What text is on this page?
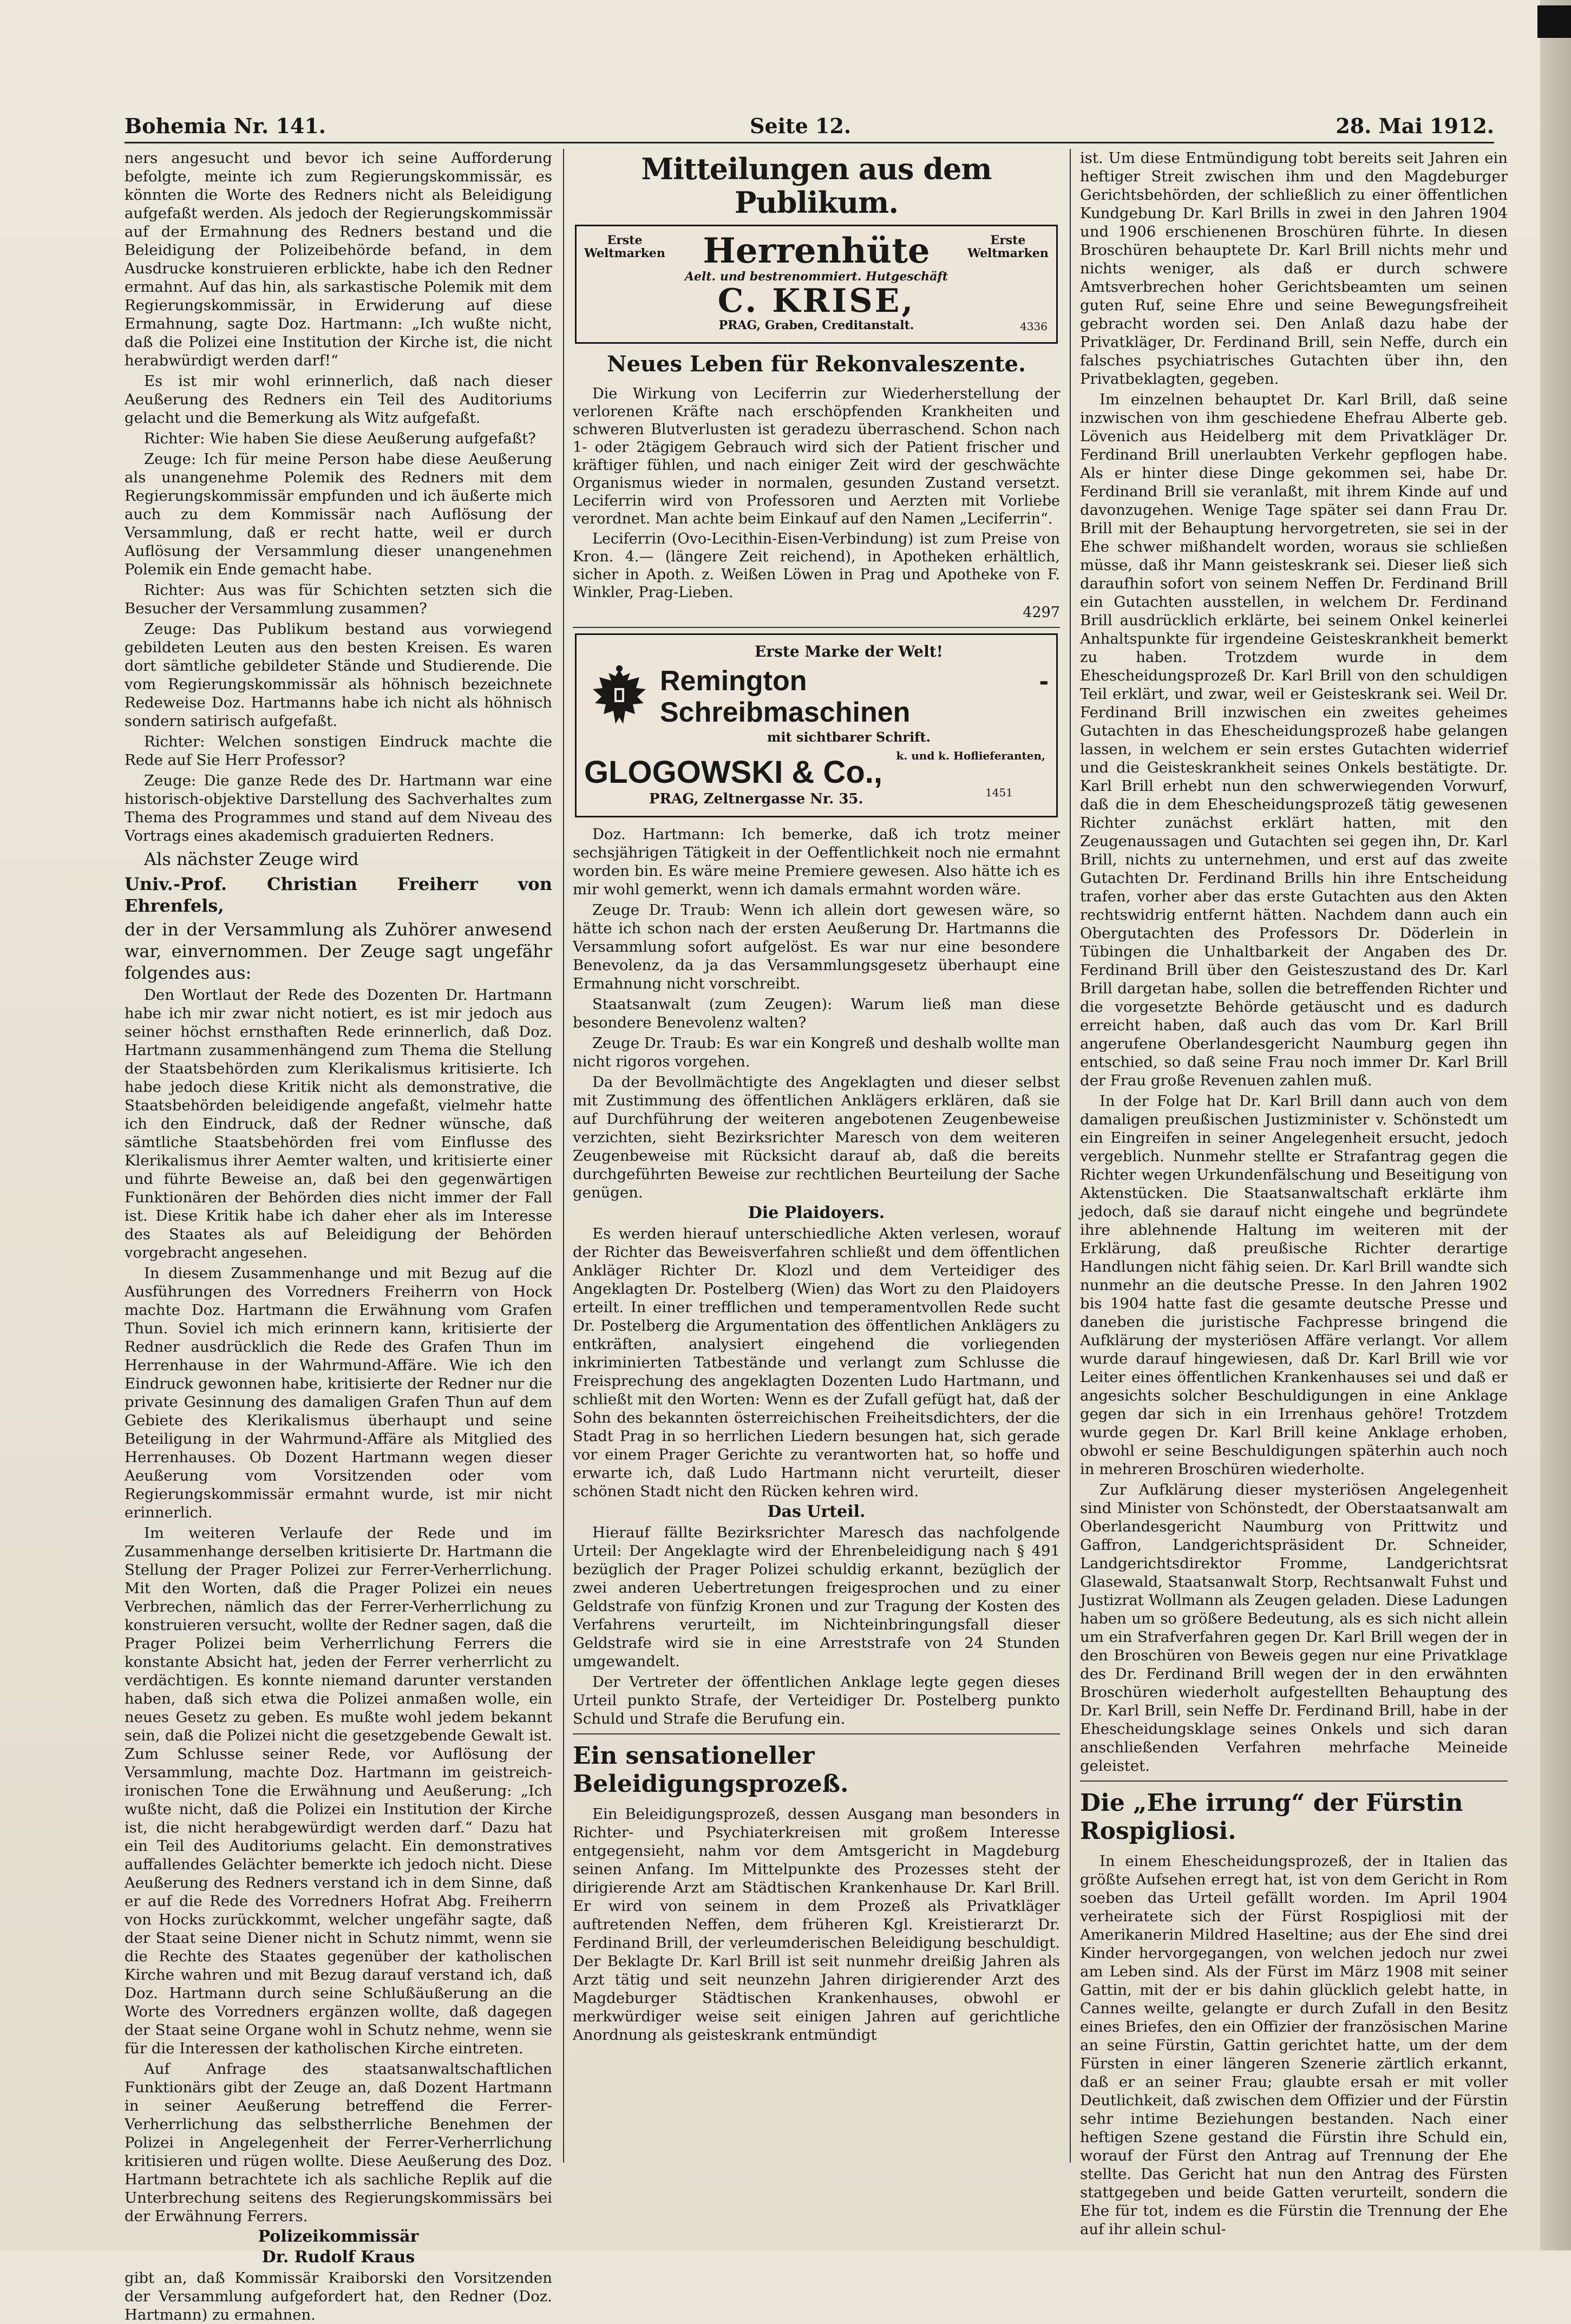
Bohemia Nr. 141.	Seite 12.	28. Mai 1912.

ners angesucht und bevor ich seine Aufforderung befolgte, meinte ich zum Regierungskommissär, es könnten die Worte des Redners nicht als Beleidigung aufgefaßt werden. Als jedoch der Regierungskommissär auf der Ermahnung des Redners bestand und die Beleidigung der Polizeibehörde befand, in dem Ausdrucke konstruieren erblickte, habe ich den Redner ermahnt. Auf das hin, als sarkastische Polemik mit dem Regierungskommissär, in Erwiderung auf diese Ermahnung, sagte Doz. Hartmann: „Ich wußte nicht, daß die Polizei eine Institution der Kirche ist, die nicht herabwürdigt werden darf!“

Es ist mir wohl erinnerlich, daß nach dieser Aeußerung des Redners ein Teil des Auditoriums gelacht und die Bemerkung als Witz aufgefaßt.

Richter: Wie haben Sie diese Aeußerung aufgefaßt?

Zeuge: Ich für meine Person habe diese Aeußerung als unangenehme Polemik des Redners mit dem Regierungskommissär empfunden und ich äußerte mich auch zu dem Kommissär nach Auflösung der Versammlung, daß er recht hatte, weil er durch Auflösung der Versammlung dieser unangenehmen Polemik ein Ende gemacht habe.

Richter: Aus was für Schichten setzten sich die Besucher der Versammlung zusammen?

Zeuge: Das Publikum bestand aus vorwiegend gebildeten Leuten aus den besten Kreisen. Es waren dort sämtliche gebildeter Stände und Studierende. Die vom Regierungskommissär als höhnisch bezeichnete Redeweise Doz. Hartmanns habe ich nicht als höhnisch sondern satirisch aufgefaßt.

Richter: Welchen sonstigen Eindruck machte die Rede auf Sie Herr Professor?

Zeuge: Die ganze Rede des Dr. Hartmann war eine historisch-objektive Darstellung des Sachverhaltes zum Thema des Programmes und stand auf dem Niveau des Vortrags eines akademisch graduierten Redners.

Als nächster Zeuge wird

Univ.-Prof. Christian Freiherr von Ehrenfels,

der in der Versammlung als Zuhörer anwesend war, einvernommen. Der Zeuge sagt ungefähr folgendes aus:

Den Wortlaut der Rede des Dozenten Dr. Hartmann habe ich mir zwar nicht notiert, es ist mir jedoch aus seiner höchst ernsthaften Rede erinnerlich, daß Doz. Hartmann zusammenhängend zum Thema die Stellung der Staatsbehörden zum Klerikalismus kritisierte. Ich habe jedoch diese Kritik nicht als demonstrative, die Staatsbehörden beleidigende angefaßt, vielmehr hatte ich den Eindruck, daß der Redner wünsche, daß sämtliche Staatsbehörden frei vom Einflusse des Klerikalismus ihrer Aemter walten, und kritisierte einer und führte Beweise an, daß bei den gegenwärtigen Funktionären der Behörden dies nicht immer der Fall ist. Diese Kritik habe ich daher eher als im Interesse des Staates als auf Beleidigung der Behörden vorgebracht angesehen.

In diesem Zusammenhange und mit Bezug auf die Ausführungen des Vorredners Freiherrn von Hock machte Doz. Hartmann die Erwähnung vom Grafen Thun. Soviel ich mich erinnern kann, kritisierte der Redner ausdrücklich die Rede des Grafen Thun im Herrenhause in der Wahrmund-Affäre. Wie ich den Eindruck gewonnen habe, kritisierte der Redner nur die private Gesinnung des damaligen Grafen Thun auf dem Gebiete des Klerikalismus überhaupt und seine Beteiligung in der Wahrmund-Affäre als Mitglied des Herrenhauses. Ob Dozent Hartmann wegen dieser Aeußerung vom Vorsitzenden oder vom Regierungskommissär ermahnt wurde, ist mir nicht erinnerlich.

Im weiteren Verlaufe der Rede und im Zusammenhange derselben kritisierte Dr. Hartmann die Stellung der Prager Polizei zur Ferrer-Verherrlichung. Mit den Worten, daß die Prager Polizei ein neues Verbrechen, nämlich das der Ferrer-Verherrlichung zu konstruieren versucht, wollte der Redner sagen, daß die Prager Polizei beim Verherrlichung Ferrers die konstante Absicht hat, jeden der Ferrer verherrlicht zu verdächtigen. Es konnte niemand darunter verstanden haben, daß sich etwa die Polizei anmaßen wolle, ein neues Gesetz zu geben. Es mußte wohl jedem bekannt sein, daß die Polizei nicht die gesetzgebende Gewalt ist. Zum Schlusse seiner Rede, vor Auflösung der Versammlung, machte Doz. Hartmann im geistreich-ironischen Tone die Erwähnung und Aeußerung: „Ich wußte nicht, daß die Polizei ein Institution der Kirche ist, die nicht herabgewürdigt werden darf.“ Dazu hat ein Teil des Auditoriums gelacht. Ein demonstratives auffallendes Gelächter bemerkte ich jedoch nicht. Diese Aeußerung des Redners verstand ich in dem Sinne, daß er auf die Rede des Vorredners Hofrat Abg. Freiherrn von Hocks zurückkommt, welcher ungefähr sagte, daß der Staat seine Diener nicht in Schutz nimmt, wenn sie die Rechte des Staates gegenüber der katholischen Kirche wahren und mit Bezug darauf verstand ich, daß Doz. Hartmann durch seine Schlußäußerung an die Worte des Vorredners ergänzen wollte, daß dagegen der Staat seine Organe wohl in Schutz nehme, wenn sie für die Interessen der katholischen Kirche eintreten.

Auf Anfrage des staatsanwaltschaftlichen Funktionärs gibt der Zeuge an, daß Dozent Hartmann in seiner Aeußerung betreffend die Ferrer-Verherrlichung das selbstherrliche Benehmen der Polizei in Angelegenheit der Ferrer-Verherrlichung kritisieren und rügen wollte. Diese Aeußerung des Doz. Hartmann betrachtete ich als sachliche Replik auf die Unterbrechung seitens des Regierungskommissärs bei der Erwähnung Ferrers.

Polizeikommissär

Dr. Rudolf Kraus

gibt an, daß Kommissär Kraiborski den Vorsitzenden der Versammlung aufgefordert hat, den Redner (Doz. Hartmann) zu ermahnen.

Mitteilungen aus dem Publikum.
Erste Weltmarken
Erste Weltmarken
Herrenhüte
Aelt. und bestrenommiert. Hutgeschäft
C. KRISE,
PRAG, Graben, Creditanstalt.	4336
Neues Leben für Rekonvaleszente.

Die Wirkung von Leciferrin zur Wiederherstellung der verlorenen Kräfte nach erschöpfenden Krankheiten und schweren Blutverlusten ist geradezu überraschend. Schon nach 1- oder 2tägigem Gebrauch wird sich der Patient frischer und kräftiger fühlen, und nach einiger Zeit wird der geschwächte Organismus wieder in normalen, gesunden Zustand versetzt. Leciferrin wird von Professoren und Aerzten mit Vorliebe verordnet. Man achte beim Einkauf auf den Namen „Leciferrin“.

Leciferrin (Ovo-Lecithin-Eisen-Verbindung) ist zum Preise von Kron. 4.— (längere Zeit reichend), in Apotheken erhältlich, sicher in Apoth. z. Weißen Löwen in Prag und Apotheke von F. Winkler, Prag-Lieben.

4297
Erste Marke der Welt!
Remington - Schreibmaschinen
mit sichtbarer Schrift.
GLOGOWSKI & Co.,	k. und k. Hoflieferanten,
PRAG, Zeltnergasse Nr. 35.	1451

Doz. Hartmann: Ich bemerke, daß ich trotz meiner sechsjährigen Tätigkeit in der Oeffentlichkeit noch nie ermahnt worden bin. Es wäre meine Premiere gewesen. Also hätte ich es mir wohl gemerkt, wenn ich damals ermahnt worden wäre.

Zeuge Dr. Traub: Wenn ich allein dort gewesen wäre, so hätte ich schon nach der ersten Aeußerung Dr. Hartmanns die Versammlung sofort aufgelöst. Es war nur eine besondere Benevolenz, da ja das Versammlungsgesetz überhaupt eine Ermahnung nicht vorschreibt.

Staatsanwalt (zum Zeugen): Warum ließ man diese besondere Benevolenz walten?

Zeuge Dr. Traub: Es war ein Kongreß und deshalb wollte man nicht rigoros vorgehen.

Da der Bevollmächtigte des Angeklagten und dieser selbst mit Zustimmung des öffentlichen Anklägers erklären, daß sie auf Durchführung der weiteren angebotenen Zeugenbeweise verzichten, sieht Bezirksrichter Maresch von dem weiteren Zeugenbeweise mit Rücksicht darauf ab, daß die bereits durchgeführten Beweise zur rechtlichen Beurteilung der Sache genügen.

Die Plaidoyers.

Es werden hierauf unterschiedliche Akten verlesen, worauf der Richter das Beweisverfahren schließt und dem öffentlichen Ankläger Richter Dr. Klozl und dem Verteidiger des Angeklagten Dr. Postelberg (Wien) das Wort zu den Plaidoyers erteilt. In einer trefflichen und temperamentvollen Rede sucht Dr. Postelberg die Argumentation des öffentlichen Anklägers zu entkräften, analysiert eingehend die vorliegenden inkriminierten Tatbestände und verlangt zum Schlusse die Freisprechung des angeklagten Dozenten Ludo Hartmann, und schließt mit den Worten: Wenn es der Zufall gefügt hat, daß der Sohn des bekannten österreichischen Freiheitsdichters, der die Stadt Prag in so herrlichen Liedern besungen hat, sich gerade vor einem Prager Gerichte zu verantworten hat, so hoffe und erwarte ich, daß Ludo Hartmann nicht verurteilt, dieser schönen Stadt nicht den Rücken kehren wird.

Das Urteil.

Hierauf fällte Bezirksrichter Maresch das nachfolgende Urteil: Der Angeklagte wird der Ehrenbeleidigung nach § 491 bezüglich der Prager Polizei schuldig erkannt, bezüglich der zwei anderen Uebertretungen freigesprochen und zu einer Geldstrafe von fünfzig Kronen und zur Tragung der Kosten des Verfahrens verurteilt, im Nichteinbringungsfall dieser Geldstrafe wird sie in eine Arreststrafe von 24 Stunden umgewandelt.

Der Vertreter der öffentlichen Anklage legte gegen dieses Urteil punkto Strafe, der Verteidiger Dr. Postelberg punkto Schuld und Strafe die Berufung ein.

Ein sensationeller Beleidigungsprozeß.

Ein Beleidigungsprozeß, dessen Ausgang man besonders in Richter- und Psychiaterkreisen mit großem Interesse entgegensieht, nahm vor dem Amtsgericht in Magdeburg seinen Anfang. Im Mittelpunkte des Prozesses steht der dirigierende Arzt am Städtischen Krankenhause Dr. Karl Brill. Er wird von seinem in dem Prozeß als Privatkläger auftretenden Neffen, dem früheren Kgl. Kreistierarzt Dr. Ferdinand Brill, der verleumderischen Beleidigung beschuldigt. Der Beklagte Dr. Karl Brill ist seit nunmehr dreißig Jahren als Arzt tätig und seit neunzehn Jahren dirigierender Arzt des Magdeburger Städtischen Krankenhauses, obwohl er merkwürdiger weise seit einigen Jahren auf gerichtliche Anordnung als geisteskrank entmündigt

ist. Um diese Entmündigung tobt bereits seit Jahren ein heftiger Streit zwischen ihm und den Magdeburger Gerichtsbehörden, der schließlich zu einer öffentlichen Kundgebung Dr. Karl Brills in zwei in den Jahren 1904 und 1906 erschienenen Broschüren führte. In diesen Broschüren behauptete Dr. Karl Brill nichts mehr und nichts weniger, als daß er durch schwere Amtsverbrechen hoher Gerichtsbeamten um seinen guten Ruf, seine Ehre und seine Bewegungsfreiheit gebracht worden sei. Den Anlaß dazu habe der Privatkläger, Dr. Ferdinand Brill, sein Neffe, durch ein falsches psychiatrisches Gutachten über ihn, den Privatbeklagten, gegeben.

Im einzelnen behauptet Dr. Karl Brill, daß seine inzwischen von ihm geschiedene Ehefrau Alberte geb. Lövenich aus Heidelberg mit dem Privatkläger Dr. Ferdinand Brill unerlaubten Verkehr gepflogen habe. Als er hinter diese Dinge gekommen sei, habe Dr. Ferdinand Brill sie veranlaßt, mit ihrem Kinde auf und davonzugehen. Wenige Tage später sei dann Frau Dr. Brill mit der Behauptung hervorgetreten, sie sei in der Ehe schwer mißhandelt worden, woraus sie schließen müsse, daß ihr Mann geisteskrank sei. Dieser ließ sich daraufhin sofort von seinem Neffen Dr. Ferdinand Brill ein Gutachten ausstellen, in welchem Dr. Ferdinand Brill ausdrücklich erklärte, bei seinem Onkel keinerlei Anhaltspunkte für irgendeine Geisteskrankheit bemerkt zu haben. Trotzdem wurde in dem Ehescheidungsprozeß Dr. Karl Brill von den schuldigen Teil erklärt, und zwar, weil er Geisteskrank sei. Weil Dr. Ferdinand Brill inzwischen ein zweites geheimes Gutachten in das Ehescheidungsprozeß habe gelangen lassen, in welchem er sein erstes Gutachten widerrief und die Geisteskrankheit seines Onkels bestätigte. Dr. Karl Brill erhebt nun den schwerwiegenden Vorwurf, daß die in dem Ehescheidungsprozeß tätig gewesenen Richter zunächst erklärt hatten, mit den Zeugenaussagen und Gutachten sei gegen ihn, Dr. Karl Brill, nichts zu unternehmen, und erst auf das zweite Gutachten Dr. Ferdinand Brills hin ihre Entscheidung trafen, vorher aber das erste Gutachten aus den Akten rechtswidrig entfernt hätten. Nachdem dann auch ein Obergutachten des Professors Dr. Döderlein in Tübingen die Unhaltbarkeit der Angaben des Dr. Ferdinand Brill über den Geisteszustand des Dr. Karl Brill dargetan habe, sollen die betreffenden Richter und die vorgesetzte Behörde getäuscht und es dadurch erreicht haben, daß auch das vom Dr. Karl Brill angerufene Oberlandesgericht Naumburg gegen ihn entschied, so daß seine Frau noch immer Dr. Karl Brill der Frau große Revenuen zahlen muß.

In der Folge hat Dr. Karl Brill dann auch von dem damaligen preußischen Justizminister v. Schönstedt um ein Eingreifen in seiner Angelegenheit ersucht, jedoch vergeblich. Nunmehr stellte er Strafantrag gegen die Richter wegen Urkundenfälschung und Beseitigung von Aktenstücken. Die Staatsanwaltschaft erklärte ihm jedoch, daß sie darauf nicht eingehe und begründete ihre ablehnende Haltung im weiteren mit der Erklärung, daß preußische Richter derartige Handlungen nicht fähig seien. Dr. Karl Brill wandte sich nunmehr an die deutsche Presse. In den Jahren 1902 bis 1904 hatte fast die gesamte deutsche Presse und daneben die juristische Fachpresse bringend die Aufklärung der mysteriösen Affäre verlangt. Vor allem wurde darauf hingewiesen, daß Dr. Karl Brill wie vor Leiter eines öffentlichen Krankenhauses sei und daß er angesichts solcher Beschuldigungen in eine Anklage gegen dar sich in ein Irrenhaus gehöre! Trotzdem wurde gegen Dr. Karl Brill keine Anklage erhoben, obwohl er seine Beschuldigungen späterhin auch noch in mehreren Broschüren wiederholte.

Zur Aufklärung dieser mysteriösen Angelegenheit sind Minister von Schönstedt, der Oberstaatsanwalt am Oberlandesgericht Naumburg von Prittwitz und Gaffron, Landgerichtspräsident Dr. Schneider, Landgerichtsdirektor Fromme, Landgerichtsrat Glasewald, Staatsanwalt Storp, Rechtsanwalt Fuhst und Justizrat Wollmann als Zeugen geladen. Diese Ladungen haben um so größere Bedeutung, als es sich nicht allein um ein Strafverfahren gegen Dr. Karl Brill wegen der in den Broschüren von Beweis gegen nur eine Privatklage des Dr. Ferdinand Brill wegen der in den erwähnten Broschüren wiederholt aufgestellten Behauptung des Dr. Karl Brill, sein Neffe Dr. Ferdinand Brill, habe in der Ehescheidungsklage seines Onkels und sich daran anschließenden Verfahren mehrfache Meineide geleistet.

Die „Ehe irrung“ der Fürstin Rospigliosi.

In einem Ehescheidungsprozeß, der in Italien das größte Aufsehen erregt hat, ist von dem Gericht in Rom soeben das Urteil gefällt worden. Im April 1904 verheiratete sich der Fürst Rospigliosi mit der Amerikanerin Mildred Haseltine; aus der Ehe sind drei Kinder hervorgegangen, von welchen jedoch nur zwei am Leben sind. Als der Fürst im März 1908 mit seiner Gattin, mit der er bis dahin glücklich gelebt hatte, in Cannes weilte, gelangte er durch Zufall in den Besitz eines Briefes, den ein Offizier der französischen Marine an seine Fürstin, Gattin gerichtet hatte, um der dem Fürsten in einer längeren Szenerie zärtlich erkannt, daß er an seiner Frau; glaubte ersah er mit voller Deutlichkeit, daß zwischen dem Offizier und der Fürstin sehr intime Beziehungen bestanden. Nach einer heftigen Szene gestand die Fürstin ihre Schuld ein, worauf der Fürst den Antrag auf Trennung der Ehe stellte. Das Gericht hat nun den Antrag des Fürsten stattgegeben und beide Gatten verurteilt, sondern die Ehe für tot, indem es die Fürstin die Trennung der Ehe auf ihr allein schul-
